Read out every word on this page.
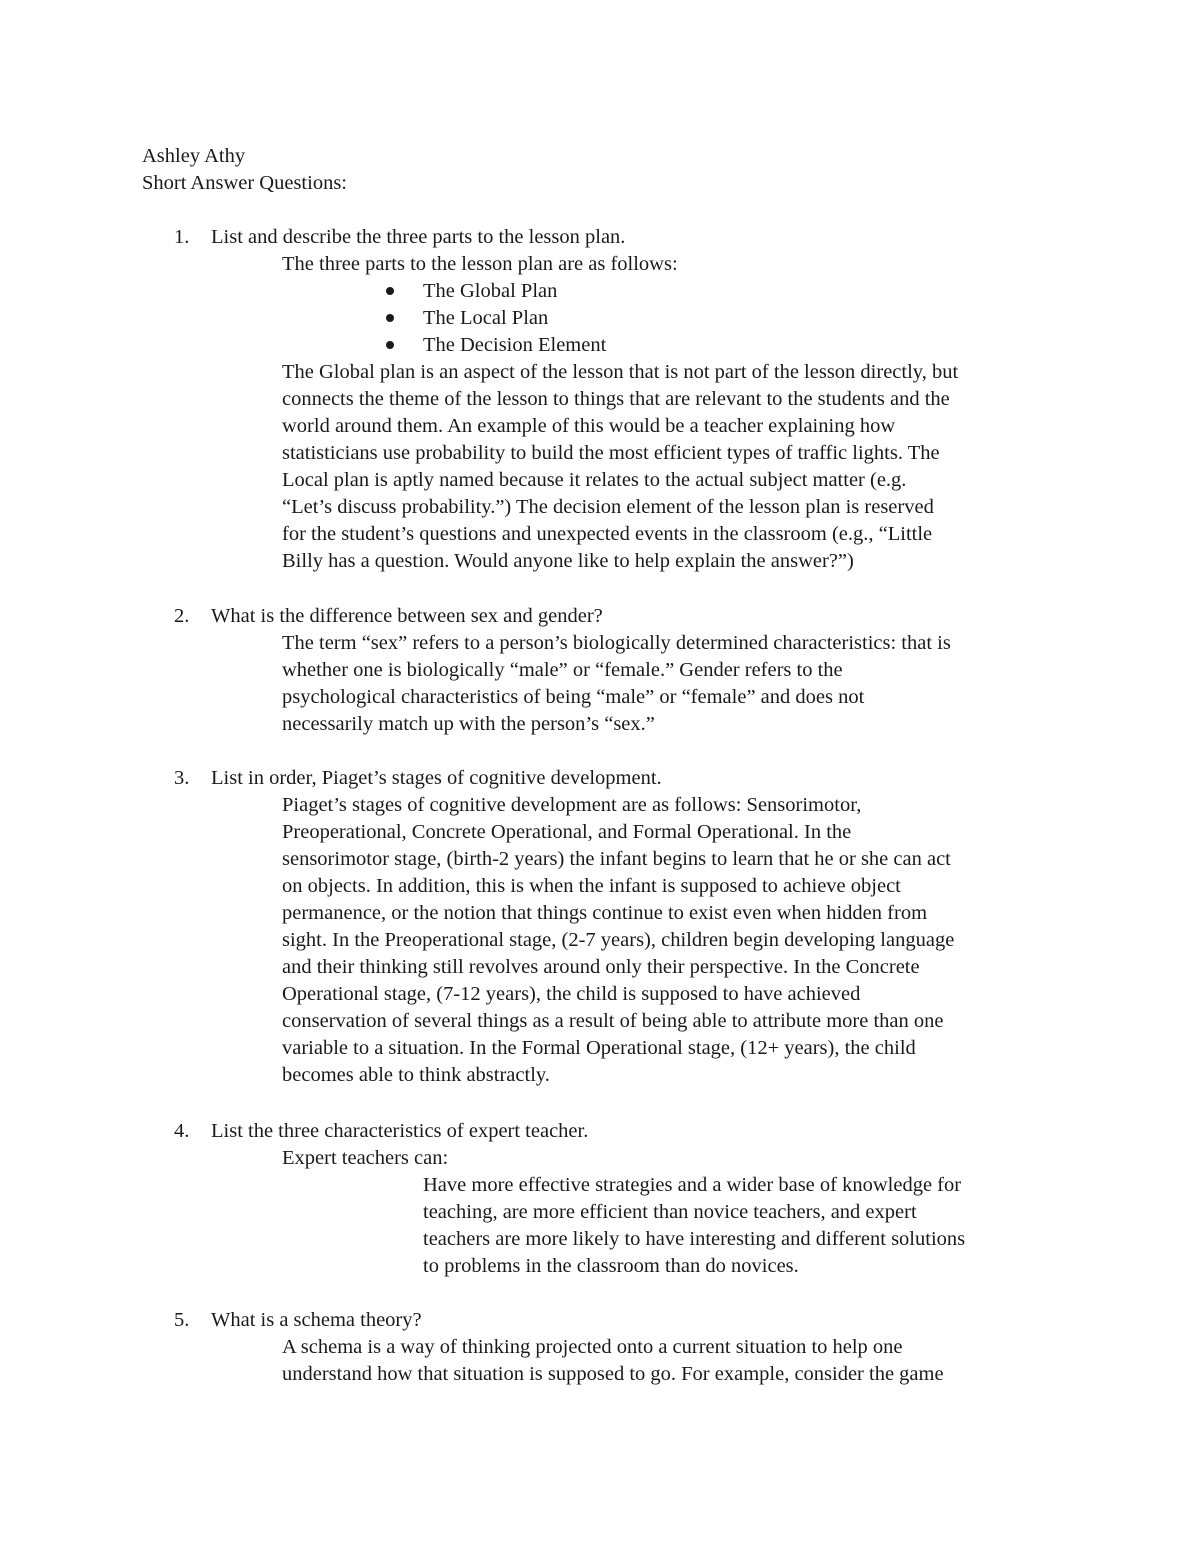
Ashley Athy
Short Answer Questions:
1. List and describe the three parts to the lesson plan.
The three parts to the lesson plan are as follows:
The Global Plan
The Local Plan
The Decision Element
The Global plan is an aspect of the lesson that is not part of the lesson directly, but
connects the theme of the lesson to things that are relevant to the students and the
world around them. An example of this would be a teacher explaining how
statisticians use probability to build the most efficient types of traffic lights. The
Local plan is aptly named because it relates to the actual subject matter (e.g.
“Let’s discuss probability.”) The decision element of the lesson plan is reserved
for the student’s questions and unexpected events in the classroom (e.g., “Little
Billy has a question. Would anyone like to help explain the answer?”)
2. What is the difference between sex and gender?
The term “sex” refers to a person’s biologically determined characteristics: that is
whether one is biologically “male” or “female.” Gender refers to the
psychological characteristics of being “male” or “female” and does not
necessarily match up with the person’s “sex.”
3. List in order, Piaget’s stages of cognitive development.
Piaget’s stages of cognitive development are as follows: Sensorimotor,
Preoperational, Concrete Operational, and Formal Operational. In the
sensorimotor stage, (birth-2 years) the infant begins to learn that he or she can act
on objects. In addition, this is when the infant is supposed to achieve object
permanence, or the notion that things continue to exist even when hidden from
sight. In the Preoperational stage, (2-7 years), children begin developing language
and their thinking still revolves around only their perspective. In the Concrete
Operational stage, (7-12 years), the child is supposed to have achieved
conservation of several things as a result of being able to attribute more than one
variable to a situation. In the Formal Operational stage, (12+ years), the child
becomes able to think abstractly.
4. List the three characteristics of expert teacher.
Expert teachers can:
Have more effective strategies and a wider base of knowledge for
teaching, are more efficient than novice teachers, and expert
teachers are more likely to have interesting and different solutions
to problems in the classroom than do novices.
5. What is a schema theory?
A schema is a way of thinking projected onto a current situation to help one
understand how that situation is supposed to go. For example, consider the game
